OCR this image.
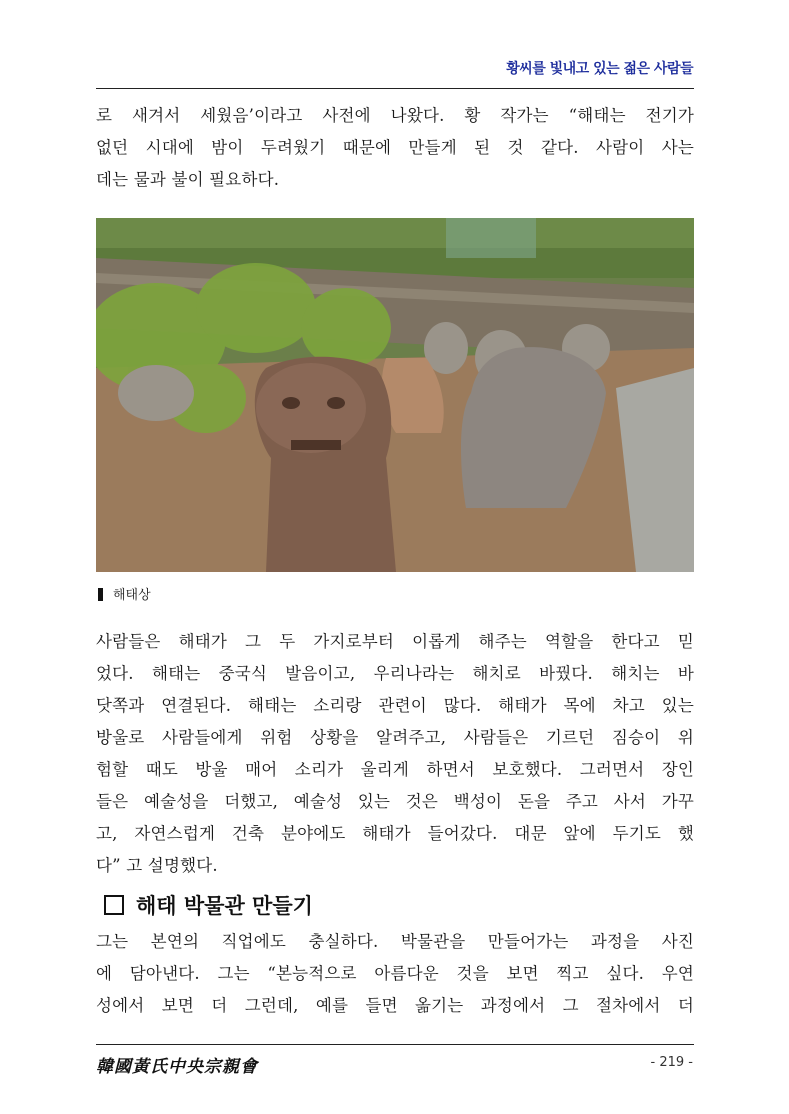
황씨를 빛내고 있는 젊은 사람들
로 새겨서 세웠음’이라고 사전에 나왔다. 황 작가는 “해태는 전기가
없던 시대에 밤이 두려웠기 때문에 만들게 된 것 같다. 사람이 사는
데는 물과 불이 필요하다.
해태상
사람들은 해태가 그 두 가지로부터 이롭게 해주는 역할을 한다고 믿
었다. 해태는 중국식 발음이고, 우리나라는 해치로 바꿨다. 해치는 바
닷쪽과 연결된다. 해태는 소리랑 관련이 많다. 해태가 목에 차고 있는
방울로 사람들에게 위험 상황을 알려주고, 사람들은 기르던 짐승이 위
험할 때도 방울 매어 소리가 울리게 하면서 보호했다. 그러면서 장인
들은 예술성을 더했고, 예술성 있는 것은 백성이 돈을 주고 사서 가꾸
고, 자연스럽게 건축 분야에도 해태가 들어갔다. 대문 앞에 두기도 했
다” 고 설명했다.
해태 박물관 만들기
그는 본연의 직업에도 충실하다. 박물관을 만들어가는 과정을 사진
에 담아낸다. 그는 “본능적으로 아름다운 것을 보면 찍고 싶다. 우연
성에서 보면 더 그런데, 예를 들면 옮기는 과정에서 그 절차에서 더
韓國黃氏中央宗親會	- 219 -
